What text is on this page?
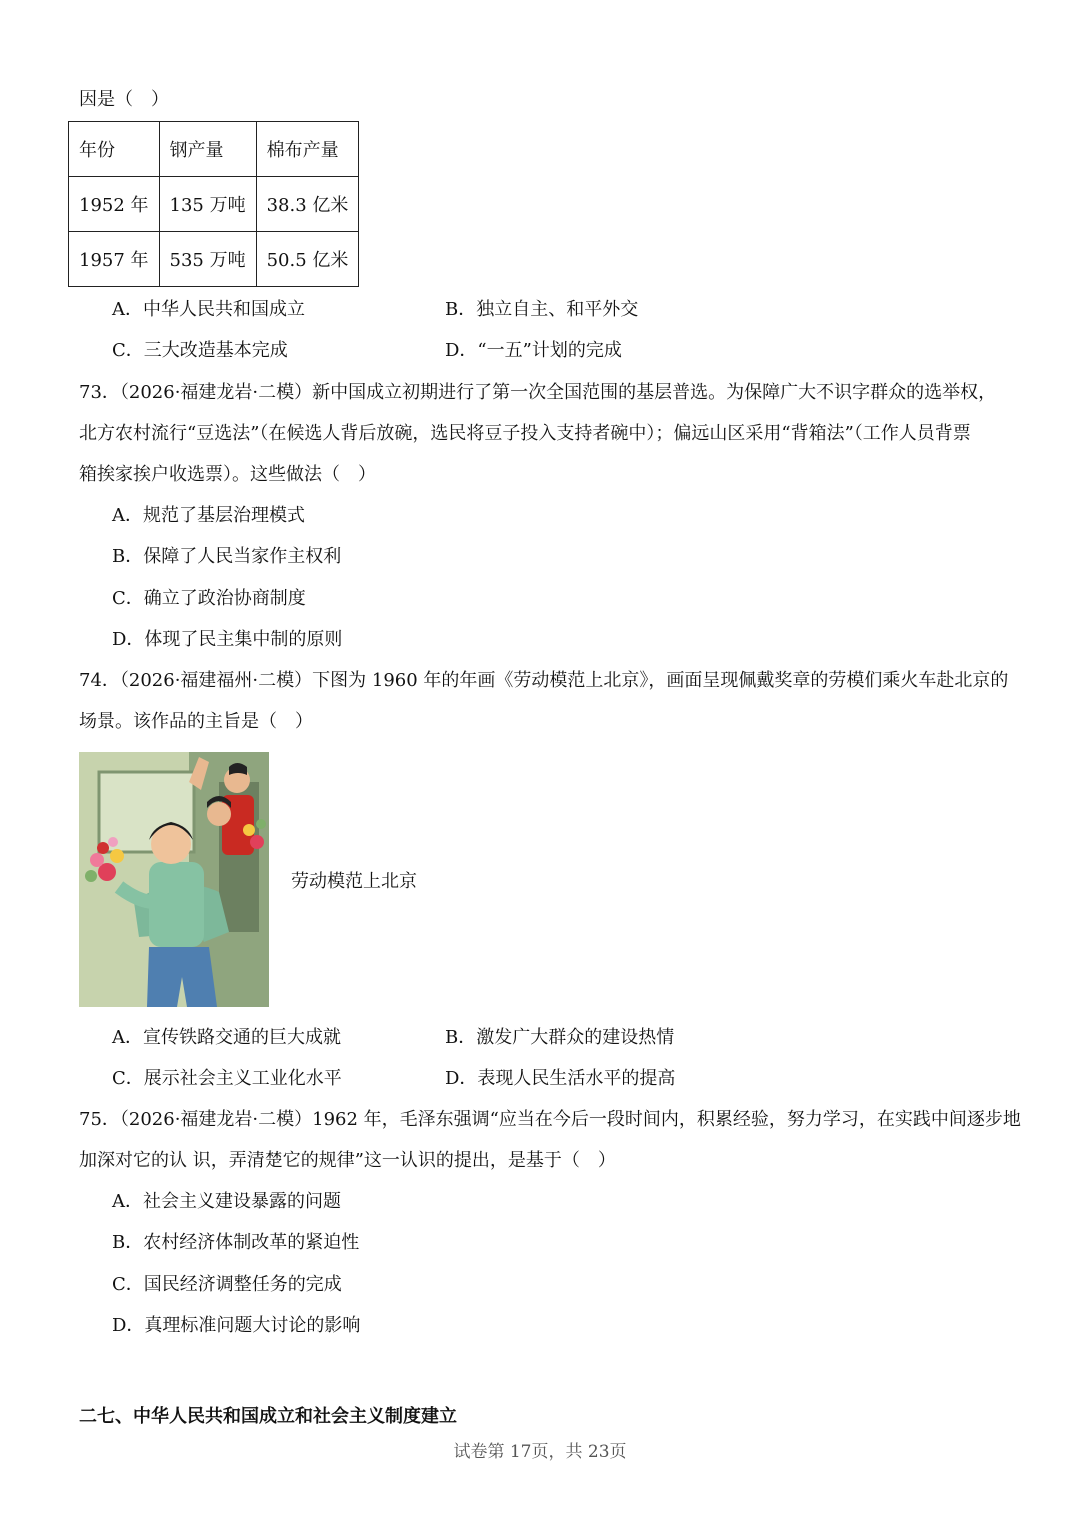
因是（　）
年份	钢产量	棉布产量
1952 年	135 万吨	38.3 亿米
1957 年	535 万吨	50.5 亿米
A．中华人民共和国成立	B．独立自主、和平外交
C．三大改造基本完成	D．“一五”计划的完成
73．（2026·福建龙岩·二模）新中国成立初期进行了第一次全国范围的基层普选。为保障广大不识字群众的选举权，
北方农村流行“豆选法”（在候选人背后放碗，选民将豆子投入支持者碗中）；偏远山区采用“背箱法”（工作人员背票
箱挨家挨户收选票）。这些做法（　）
A．规范了基层治理模式
B．保障了人民当家作主权利
C．确立了政治协商制度
D．体现了民主集中制的原则
74．（2026·福建福州·二模）下图为 1960 年的年画《劳动模范上北京》，画面呈现佩戴奖章的劳模们乘火车赴北京的
场景。该作品的主旨是（　）
劳动模范上北京
A．宣传铁路交通的巨大成就	B．激发广大群众的建设热情
C．展示社会主义工业化水平	D．表现人民生活水平的提高
75．（2026·福建龙岩·二模）1962 年，毛泽东强调“应当在今后一段时间内，积累经验，努力学习，在实践中间逐步地
加深对它的认 识，弄清楚它的规律”这一认识的提出，是基于（　）
A．社会主义建设暴露的问题
B．农村经济体制改革的紧迫性
C．国民经济调整任务的完成
D．真理标准问题大讨论的影响
二七、中华人民共和国成立和社会主义制度建立
试卷第 17页，共 23页
